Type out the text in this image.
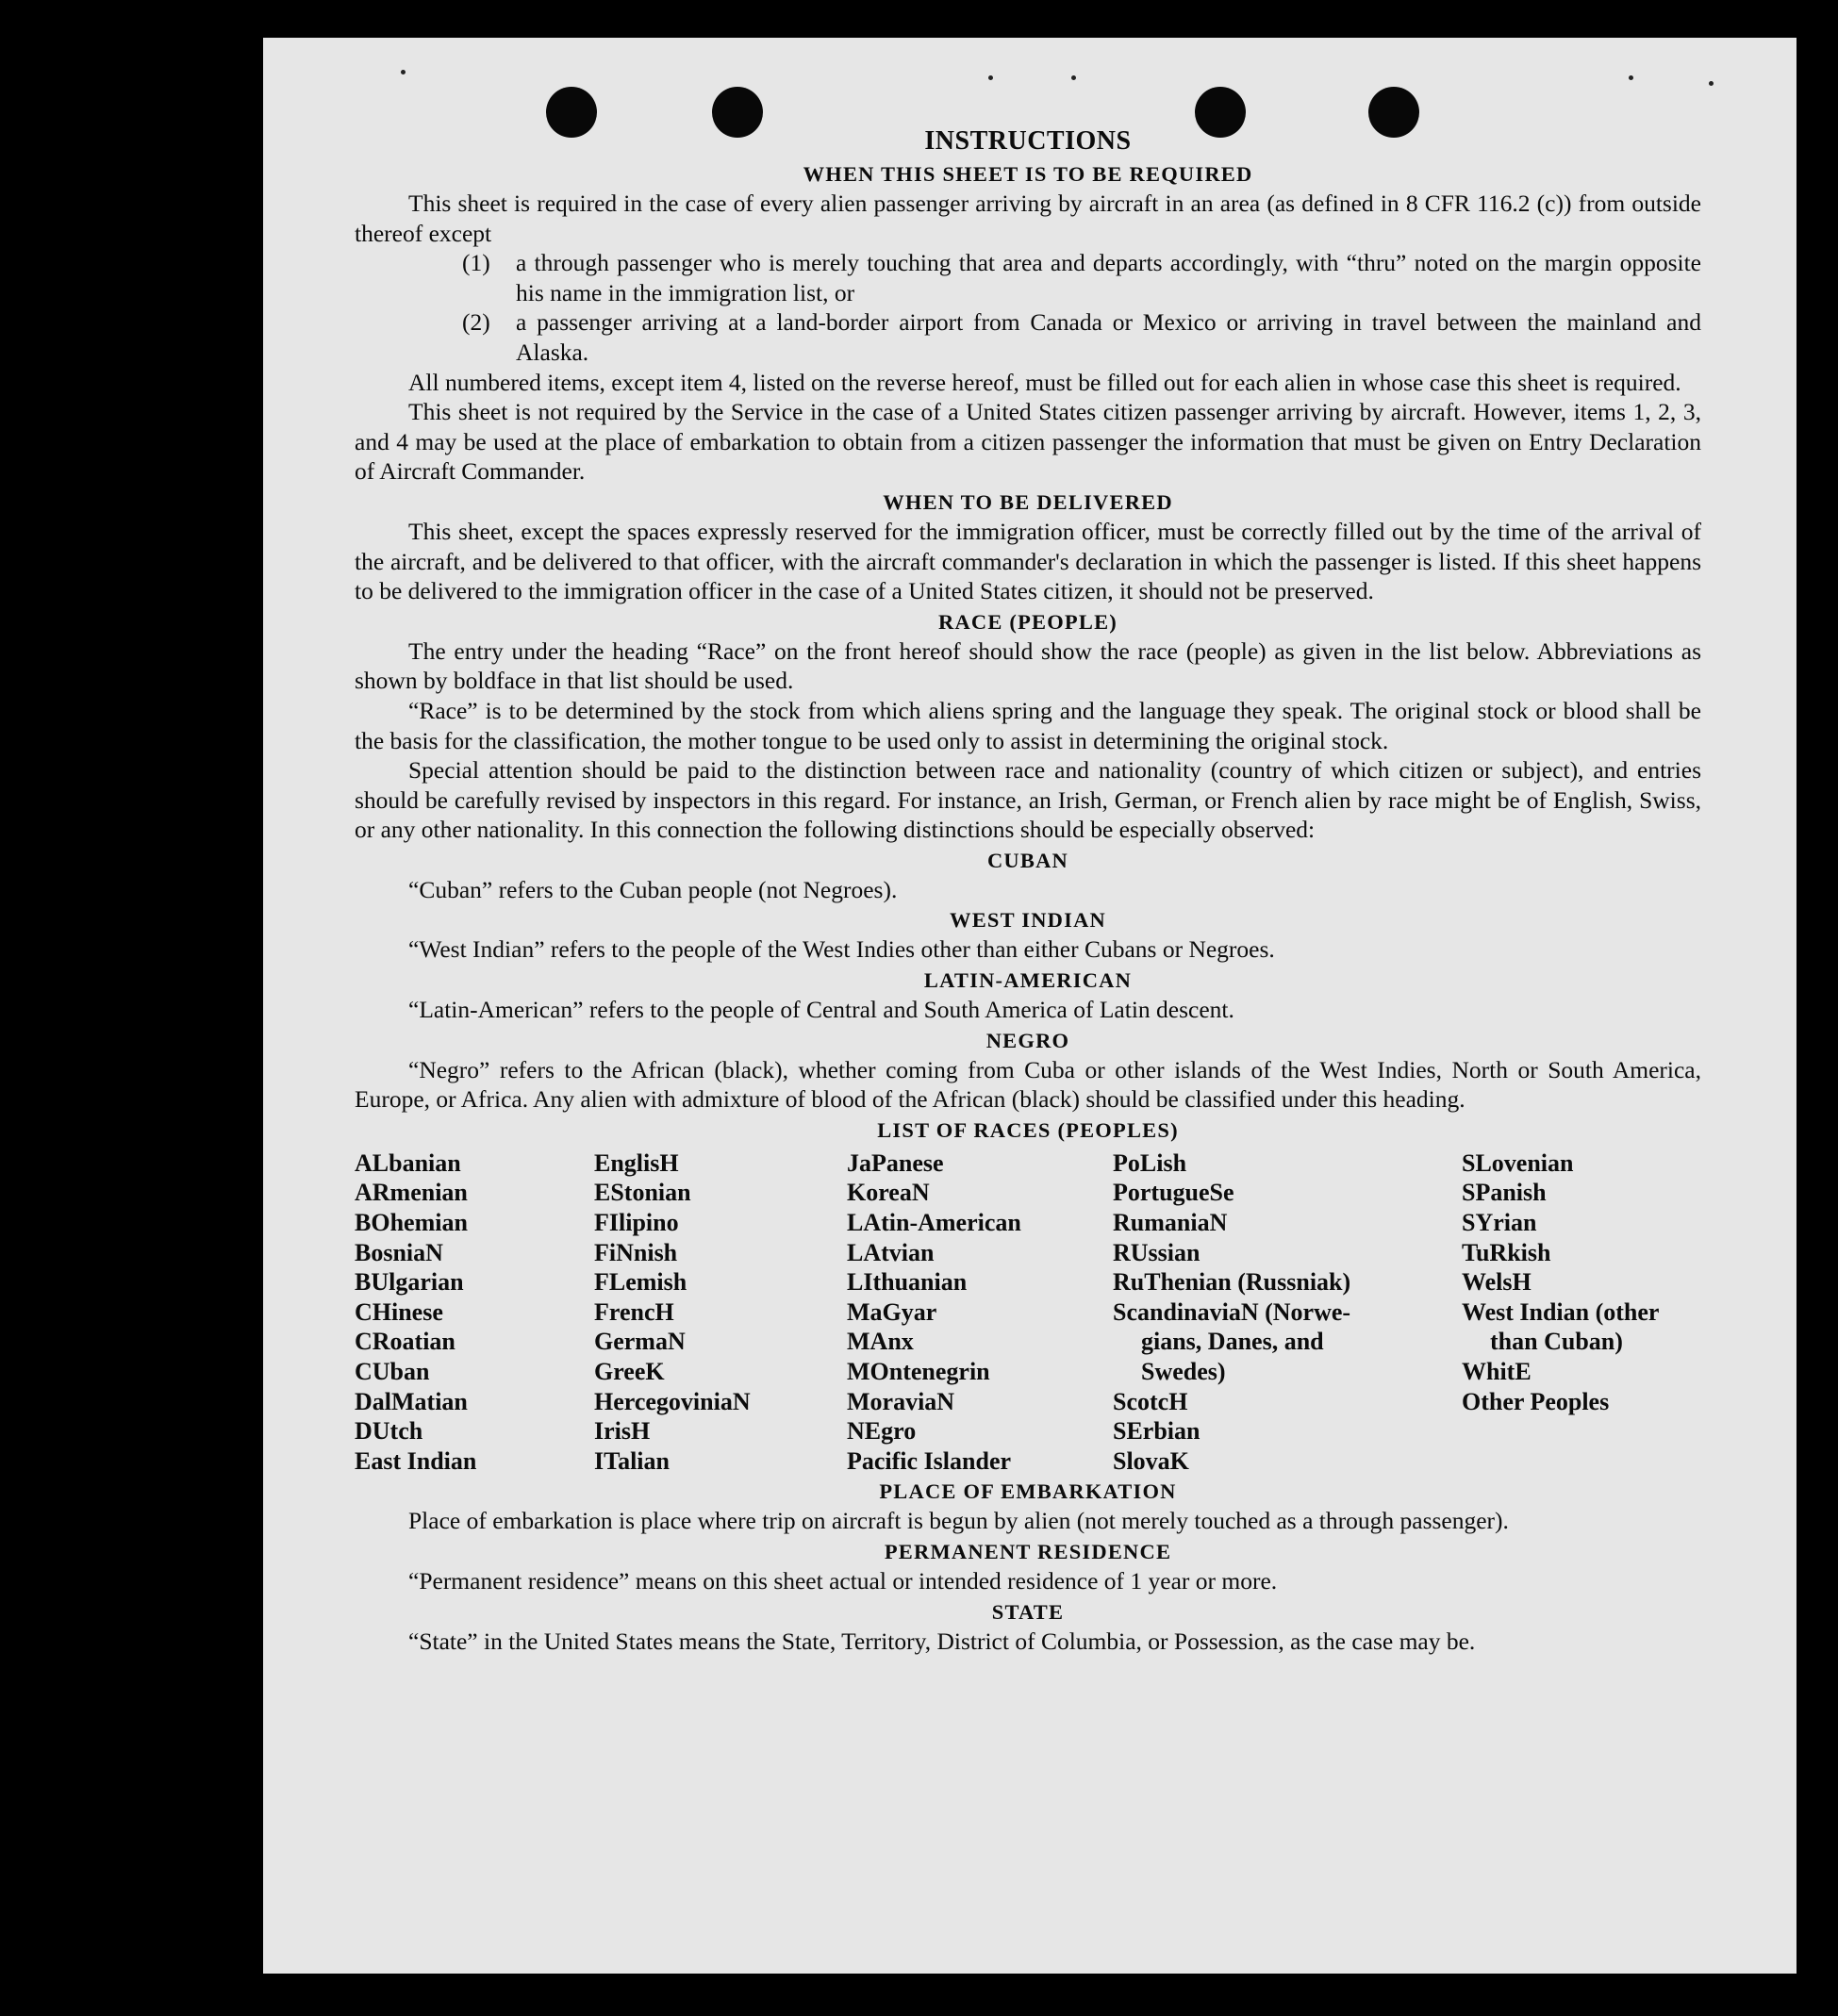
INSTRUCTIONS
WHEN THIS SHEET IS TO BE REQUIRED

This sheet is required in the case of every alien passenger arriving by aircraft in an area (as defined in 8 CFR 116.2 (c)) from outside thereof except

(1)	a through passenger who is merely touching that area and departs accordingly, with “thru” noted on the margin opposite his name in the immigration list, or
(2)	a passenger arriving at a land-border airport from Canada or Mexico or arriving in travel between the mainland and Alaska.

All numbered items, except item 4, listed on the reverse hereof, must be filled out for each alien in whose case this sheet is required.

This sheet is not required by the Service in the case of a United States citizen passenger arriving by aircraft. However, items 1, 2, 3, and 4 may be used at the place of embarkation to obtain from a citizen passenger the information that must be given on Entry Declaration of Aircraft Commander.

WHEN TO BE DELIVERED

This sheet, except the spaces expressly reserved for the immigration officer, must be correctly filled out by the time of the arrival of the aircraft, and be delivered to that officer, with the aircraft commander's declaration in which the passenger is listed. If this sheet happens to be delivered to the immigration officer in the case of a United States citizen, it should not be preserved.

RACE (PEOPLE)

The entry under the heading “Race” on the front hereof should show the race (people) as given in the list below. Abbreviations as shown by boldface in that list should be used.

“Race” is to be determined by the stock from which aliens spring and the language they speak. The original stock or blood shall be the basis for the classification, the mother tongue to be used only to assist in determining the original stock.

Special attention should be paid to the distinction between race and nationality (country of which citizen or subject), and entries should be carefully revised by inspectors in this regard. For instance, an Irish, German, or French alien by race might be of English, Swiss, or any other nationality. In this connection the following distinctions should be especially observed:

CUBAN

“Cuban” refers to the Cuban people (not Negroes).

WEST INDIAN

“West Indian” refers to the people of the West Indies other than either Cubans or Negroes.

LATIN-AMERICAN

“Latin-American” refers to the people of Central and South America of Latin descent.

NEGRO

“Negro” refers to the African (black), whether coming from Cuba or other islands of the West Indies, North or South America, Europe, or Africa. Any alien with admixture of blood of the African (black) should be classified under this heading.

LIST OF RACES (PEOPLES)
ALbanian
ARmenian
BOhemian
BosniaN
BUlgarian
CHinese
CRoatian
CUban
DalMatian
DUtch
East Indian
EnglisH
EStonian
FIlipino
FiNnish
FLemish
FrencH
GermaN
GreeK
HercegoviniaN
IrisH
ITalian
JaPanese
KoreaN
LAtin-American
LAtvian
LIthuanian
MaGyar
MAnx
MOntenegrin
MoraviaN
NEgro
Pacific Islander
PoLish
PortugueSe
RumaniaN
RUssian
RuThenian (Russniak)
ScandinaviaN (Norwe-
gians, Danes, and
Swedes)
ScotcH
SErbian
SlovaK
SLovenian
SPanish
SYrian
TuRkish
WelsH
West Indian (other
than Cuban)
WhitE
Other Peoples
PLACE OF EMBARKATION

Place of embarkation is place where trip on aircraft is begun by alien (not merely touched as a through passenger).

PERMANENT RESIDENCE

“Permanent residence” means on this sheet actual or intended residence of 1 year or more.

STATE

“State” in the United States means the State, Territory, District of Columbia, or Possession, as the case may be.
